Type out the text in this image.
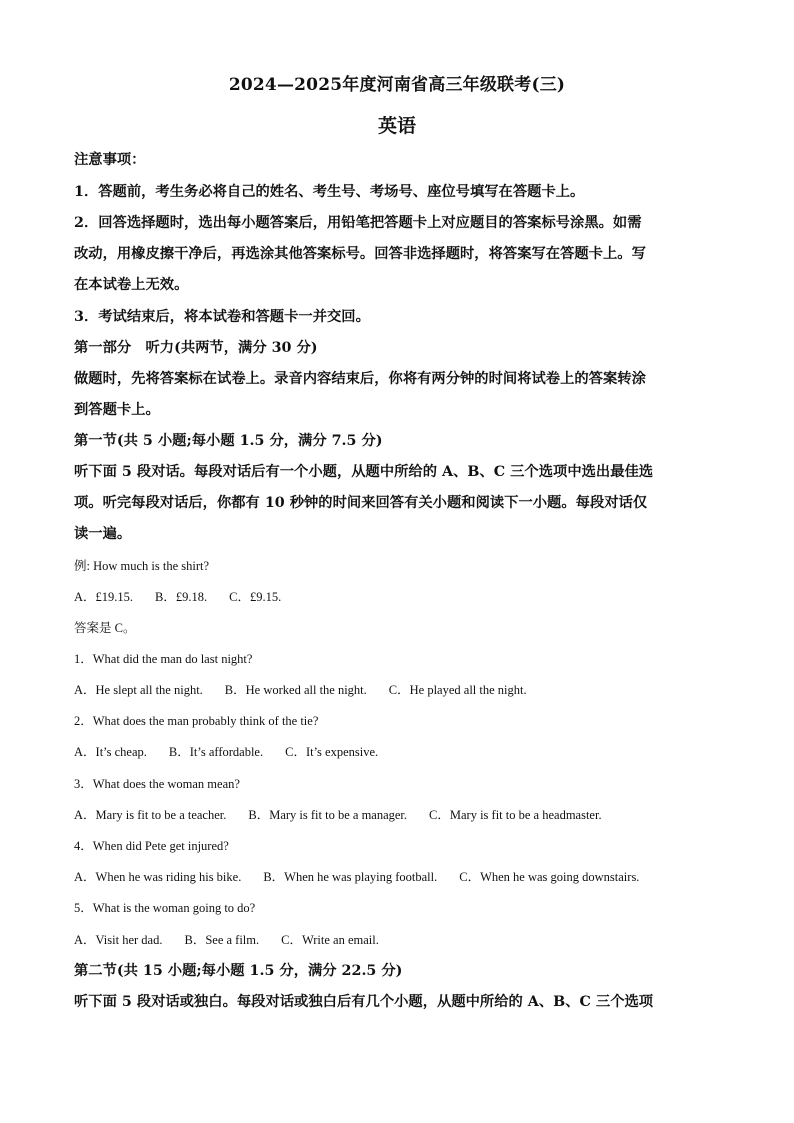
2024—2025年度河南省高三年级联考(三)
英语
注意事项：
1．答题前，考生务必将自己的姓名、考生号、考场号、座位号填写在答题卡上。
2．回答选择题时，选出每小题答案后，用铅笔把答题卡上对应题目的答案标号涂黑。如需
改动，用橡皮擦干净后，再选涂其他答案标号。回答非选择题时，将答案写在答题卡上。写
在本试卷上无效。
3．考试结束后，将本试卷和答题卡一并交回。
第一部分　听力(共两节，满分 30 分)
做题时，先将答案标在试卷上。录音内容结束后，你将有两分钟的时间将试卷上的答案转涂
到答题卡上。
第一节(共 5 小题;每小题 1.5 分，满分 7.5 分)
听下面 5 段对话。每段对话后有一个小题，从题中所给的 A、B、C 三个选项中选出最佳选
项。听完每段对话后，你都有 10 秒钟的时间来回答有关小题和阅读下一小题。每段对话仅
读一遍。
例: How much is the shirt?
A．£19.15. B．£9.18. C．£9.15.
答案是 C。
1．What did the man do last night?
A．He slept all the night. B．He worked all the night. C．He played all the night.
2．What does the man probably think of the tie?
A．It’s cheap. B．It’s affordable. C．It’s expensive.
3．What does the woman mean?
A．Mary is fit to be a teacher. B．Mary is fit to be a manager. C．Mary is fit to be a headmaster.
4．When did Pete get injured?
A．When he was riding his bike. B．When he was playing football. C．When he was going downstairs.
5．What is the woman going to do?
A．Visit her dad. B．See a film. C．Write an email.
第二节(共 15 小题;每小题 1.5 分，满分 22.5 分)
听下面 5 段对话或独白。每段对话或独白后有几个小题，从题中所给的 A、B、C 三个选项
